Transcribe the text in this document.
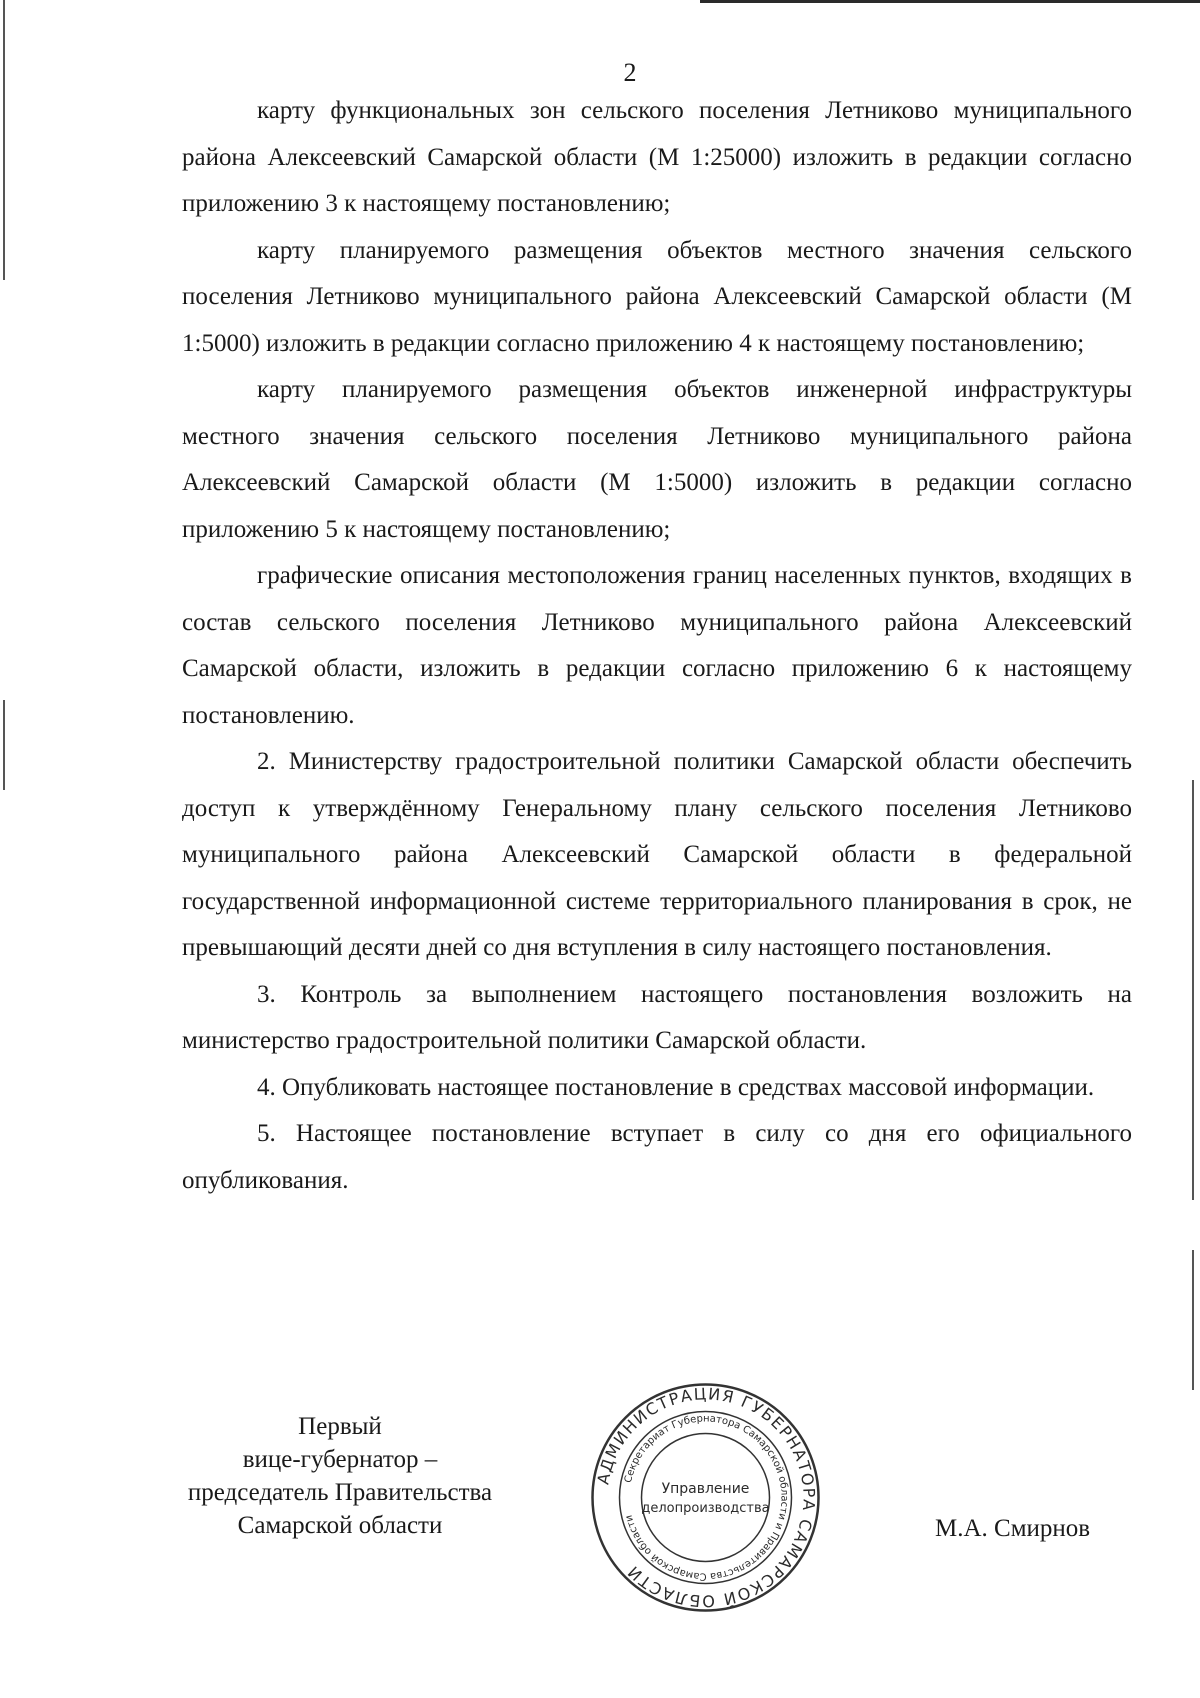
2

карту функциональных зон сельского поселения Летниково муниципального района Алексеевский Самарской области (М 1:25000) изложить в редакции согласно приложению 3 к настоящему постановлению;

карту планируемого размещения объектов местного значения сельского поселения Летниково муниципального района Алексеевский Самарской области (М 1:5000) изложить в редакции согласно приложению 4 к настоящему постановлению;

карту планируемого размещения объектов инженерной инфраструктуры местного значения сельского поселения Летниково муниципального района Алексеевский Самарской области (М 1:5000) изложить в редакции согласно приложению 5 к настоящему постановлению;

графические описания местоположения границ населенных пунктов, входящих в состав сельского поселения Летниково муниципального района Алексеевский Самарской области, изложить в редакции согласно приложению 6 к настоящему постановлению.

2. Министерству градостроительной политики Самарской области обеспечить доступ к утверждённому Генеральному плану сельского поселения Летниково муниципального района Алексеевский Самарской области в федеральной государственной информационной системе территориального планирования в срок, не превышающий десяти дней со дня вступления в силу настоящего постановления.

3. Контроль за выполнением настоящего постановления возложить на министерство градостроительной политики Самарской области.

4. Опубликовать настоящее постановление в средствах массовой информации.

5. Настоящее постановление вступает в силу со дня его официального опубликования.

Первый
вице-губернатор –
председатель Правительства
Самарской области
АДМИНИСТРАЦИЯ ГУБЕРНАТОРА САМАРСКОЙ ОБЛАСТИ
Секретариат Губернатора Самарской области и Правительства Самарской области
Управление
делопроизводства
М.А. Смирнов
